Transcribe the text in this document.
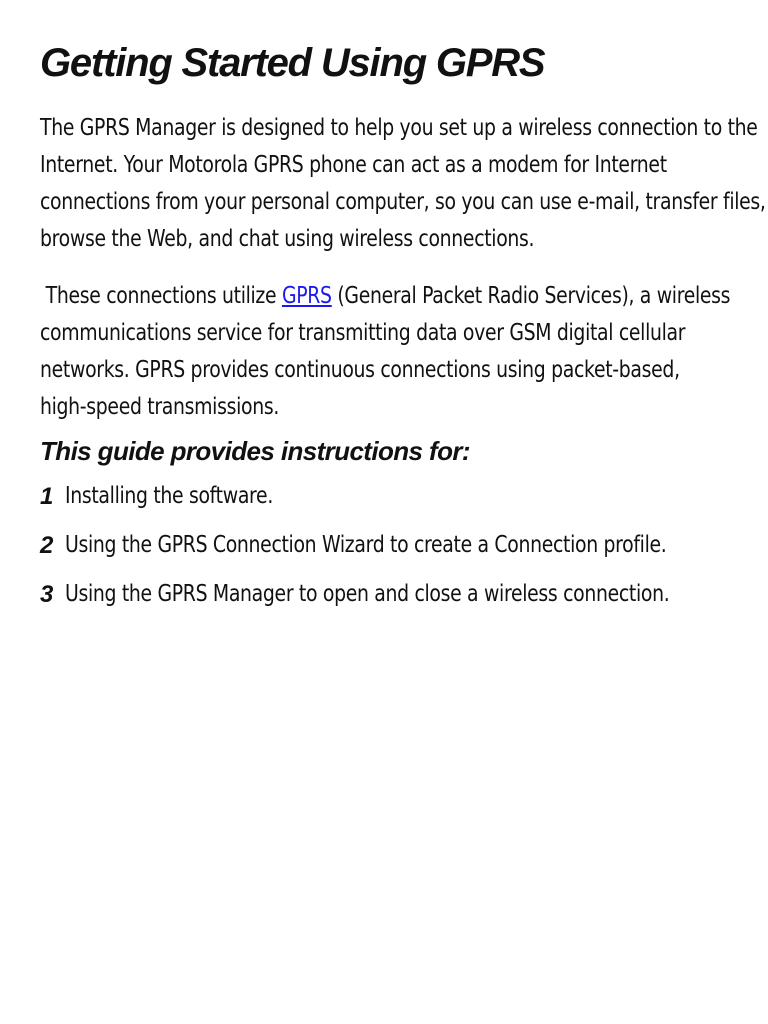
Getting Started Using GPRS

The GPRS Manager is designed to help you set up a wireless connection to the
Internet. Your Motorola GPRS phone can act as a modem for Internet
connections from your personal computer, so you can use e-mail, transfer files,
browse the Web, and chat using wireless connections.

These connections utilize GPRS (General Packet Radio Services), a wireless
communications service for transmitting data over GSM digital cellular
networks. GPRS provides continuous connections using packet-based,
high-speed transmissions.

This guide provides instructions for:
1 Installing the software.
2 Using the GPRS Connection Wizard to create a Connection profile.
3 Using the GPRS Manager to open and close a wireless connection.
